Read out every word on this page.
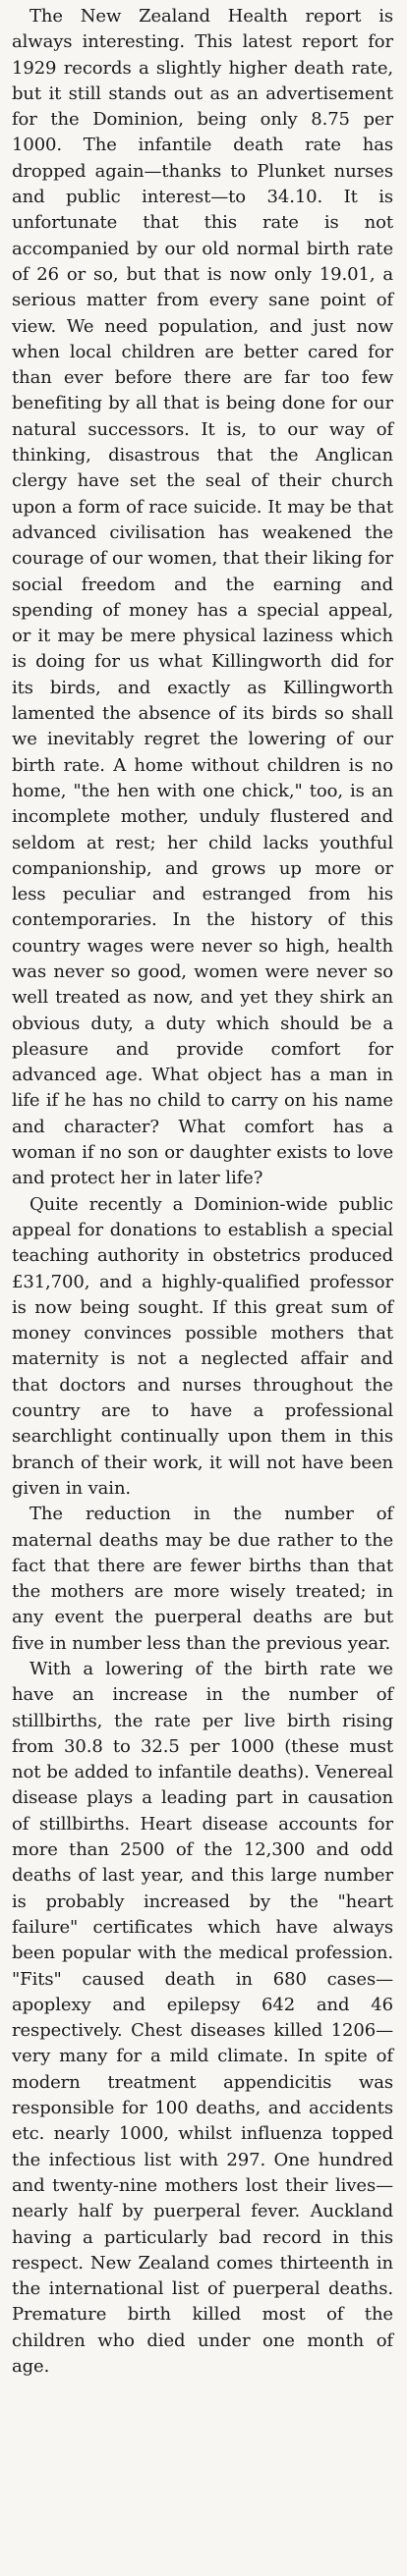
The New Zealand Health report is always interesting. This latest report for 1929 records a slightly higher death rate, but it still stands out as an advertisement for the Dominion, being only 8.75 per 1000. The infantile death rate has dropped again—thanks to Plunket nurses and public interest—to 34.10. It is unfortunate that this rate is not accompanied by our old normal birth rate of 26 or so, but that is now only 19.01, a serious matter from every sane point of view. We need population, and just now when local children are better cared for than ever before there are far too few benefiting by all that is being done for our natural successors. It is, to our way of thinking, disastrous that the Anglican clergy have set the seal of their church upon a form of race suicide. It may be that advanced civilisation has weakened the courage of our women, that their liking for social freedom and the earning and spending of money has a special appeal, or it may be mere physical laziness which is doing for us what Killingworth did for its birds, and exactly as Killingworth lamented the absence of its birds so shall we inevitably regret the lowering of our birth rate. A home without children is no home, "the hen with one chick," too, is an incomplete mother, unduly flustered and seldom at rest; her child lacks youthful companionship, and grows up more or less peculiar and estranged from his contemporaries. In the history of this country wages were never so high, health was never so good, women were never so well treated as now, and yet they shirk an obvious duty, a duty which should be a pleasure and provide comfort for advanced age. What object has a man in life if he has no child to carry on his name and character? What comfort has a woman if no son or daughter exists to love and protect her in later life?

Quite recently a Dominion-wide public appeal for donations to establish a special teaching authority in obstetrics produced £31,700, and a highly-qualified professor is now being sought. If this great sum of money convinces possible mothers that maternity is not a neglected affair and that doctors and nurses throughout the country are to have a professional searchlight continually upon them in this branch of their work, it will not have been given in vain.

The reduction in the number of maternal deaths may be due rather to the fact that there are fewer births than that the mothers are more wisely treated; in any event the puerperal deaths are but five in number less than the previous year.

With a lowering of the birth rate we have an increase in the number of stillbirths, the rate per live birth rising from 30.8 to 32.5 per 1000 (these must not be added to infantile deaths). Venereal disease plays a leading part in causation of stillbirths. Heart disease accounts for more than 2500 of the 12,300 and odd deaths of last year, and this large number is probably increased by the "heart failure" certificates which have always been popular with the medical profession. "Fits" caused death in 680 cases—apoplexy and epilepsy 642 and 46 respectively. Chest diseases killed 1206—very many for a mild climate. In spite of modern treatment appendicitis was responsible for 100 deaths, and accidents etc. nearly 1000, whilst influenza topped the infectious list with 297. One hundred and twenty-nine mothers lost their lives—nearly half by puerperal fever. Auckland having a particularly bad record in this respect. New Zealand comes thirteenth in the international list of puerperal deaths. Premature birth killed most of the children who died under one month of age.
